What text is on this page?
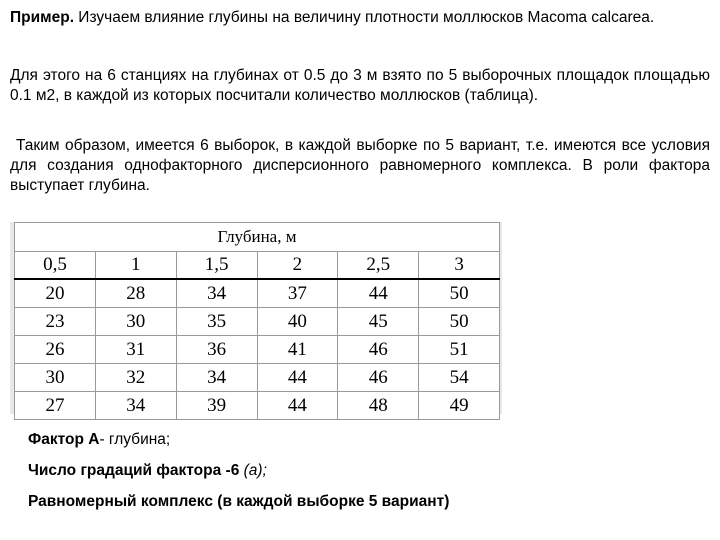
Пример. Изучаем влияние глубины на величину плотности моллюсков Macoma calcarea.

Для этого на 6 станциях на глубинах от 0.5 до 3 м взято по 5 выборочных площадок площадью 0.1 м2, в каждой из которых посчитали количество моллюсков (таблица).

Таким образом, имеется 6 выборок, в каждой выборке по 5 вариант, т.е. имеются все условия для создания однофакторного дисперсионного равномерного комплекса. В роли фактора выступает глубина.

Глубина, м					
0,5	1	1,5	2	2,5	3
20	28	34	37	44	50
23	30	35	40	45	50
26	31	36	41	46	51
30	32	34	44	46	54
27	34	39	44	48	49

Фактор А- глубина;

Число градаций фактора -6 (а);

Равномерный комплекс (в каждой выборке 5 вариант)
